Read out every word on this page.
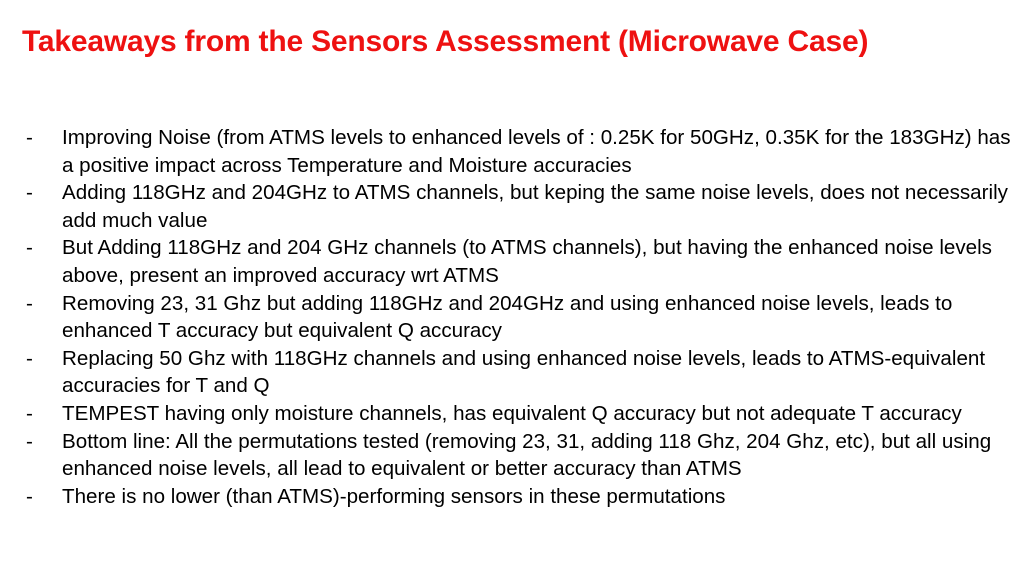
Takeaways from the Sensors Assessment (Microwave Case)
- Improving Noise (from ATMS levels to enhanced levels of : 0.25K for 50GHz, 0.35K for the 183GHz) has a positive impact across Temperature and Moisture accuracies
- Adding 118GHz and 204GHz to ATMS channels, but keping the same noise levels, does not necessarily add much value
- But Adding 118GHz and 204 GHz channels (to ATMS channels), but having the enhanced noise levels above, present an improved accuracy wrt ATMS
- Removing 23, 31 Ghz but adding 118GHz and 204GHz and using enhanced noise levels, leads to enhanced T accuracy but equivalent Q accuracy
- Replacing 50 Ghz with 118GHz channels and using enhanced noise levels, leads to ATMS-equivalent accuracies for T and Q
- TEMPEST having only moisture channels, has equivalent Q accuracy but not adequate T accuracy
- Bottom line: All the permutations tested (removing 23, 31, adding 118 Ghz, 204 Ghz, etc), but all using enhanced noise levels, all lead to equivalent or better accuracy than ATMS
- There is no lower (than ATMS)-performing sensors in these permutations
